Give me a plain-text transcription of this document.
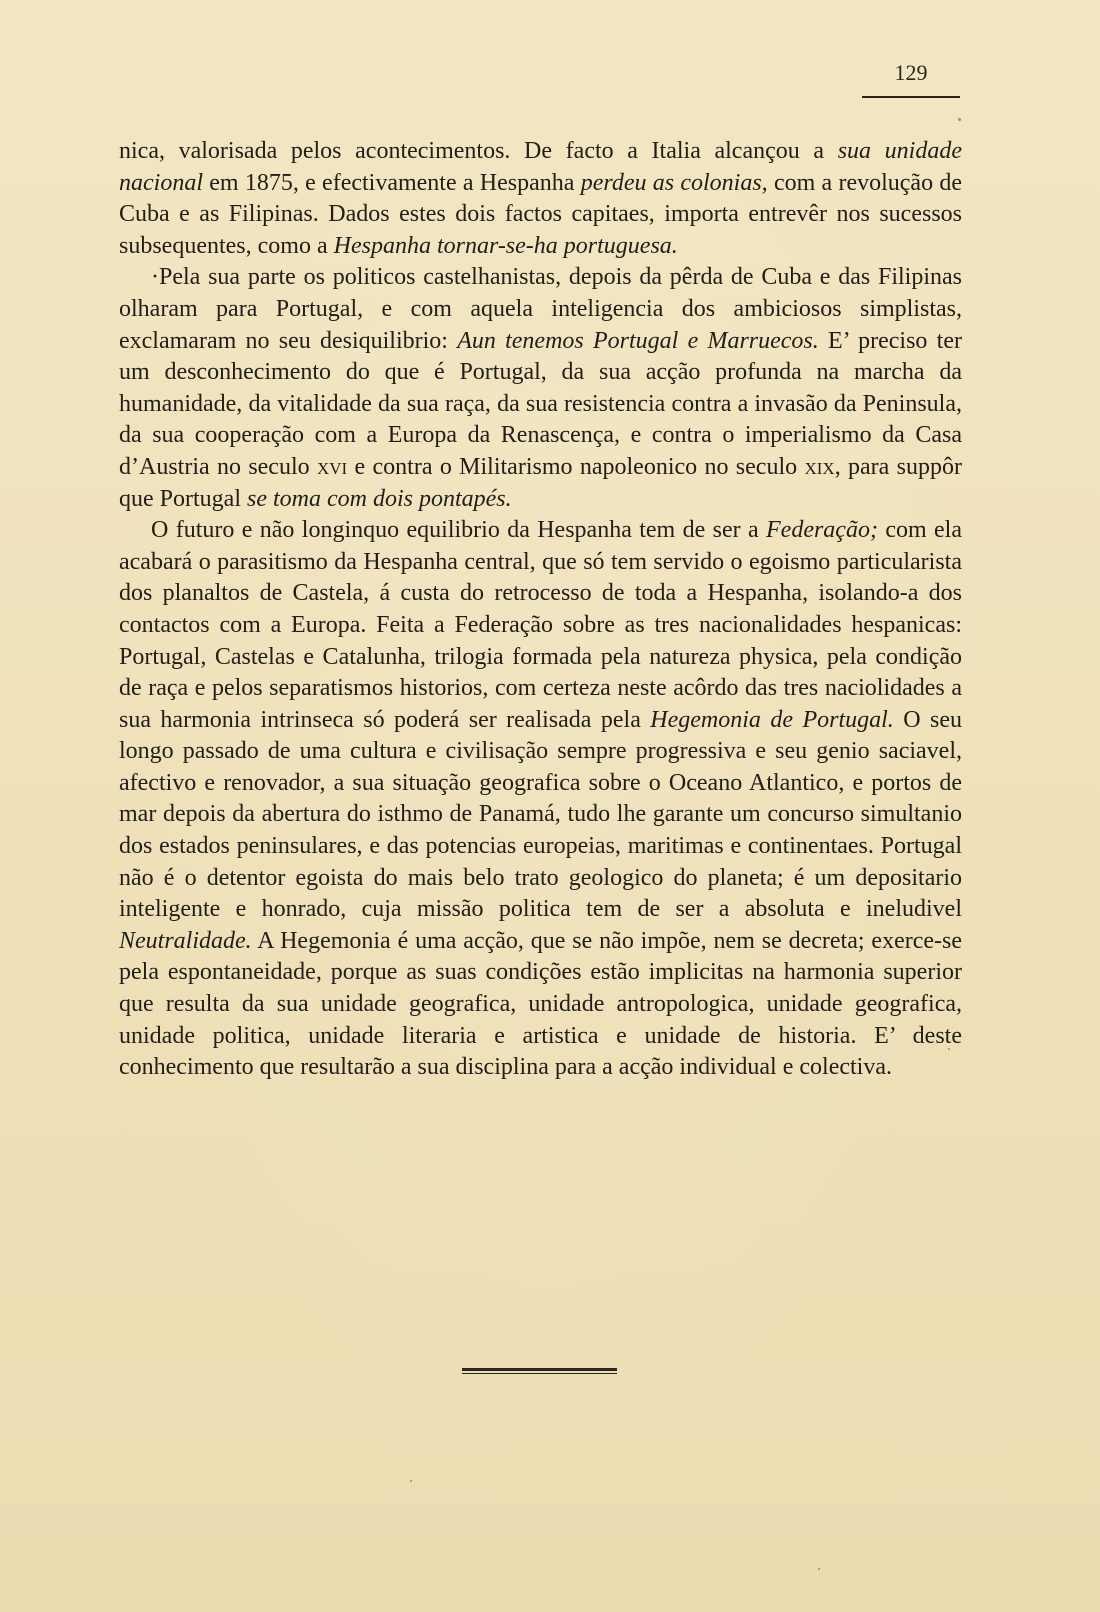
129

nica, valorisada pelos acontecimentos. De facto a Italia alcançou a sua unidade nacional em 1875, e efectivamente a Hespanha perdeu as colonias, com a revolução de Cuba e as Filipinas. Dados estes dois factos capitaes, importa entrevêr nos sucessos subsequentes, como a Hespanha tornar-se-ha portuguesa.

·Pela sua parte os politicos castelhanistas, depois da pêrda de Cuba e das Filipinas olharam para Portugal, e com aquela inteligencia dos ambiciosos simplistas, exclamaram no seu desiquilibrio: Aun tenemos Portugal e Marruecos. E’ preciso ter um desconhecimento do que é Portugal, da sua acção profunda na marcha da humanidade, da vitalidade da sua raça, da sua resistencia contra a invasão da Peninsula, da sua cooperação com a Europa da Renascença, e contra o imperialismo da Casa d’Austria no seculo xvi e contra o Militarismo napoleonico no seculo xix, para suppôr que Portugal se toma com dois pontapés.

O futuro e não longinquo equilibrio da Hespanha tem de ser a Federação; com ela acabará o parasitismo da Hespanha central, que só tem servido o egoismo particularista dos planaltos de Castela, á custa do retrocesso de toda a Hespanha, isolando-a dos contactos com a Europa. Feita a Federação sobre as tres nacionalidades hespanicas: Portugal, Castelas e Catalunha, trilogia formada pela natureza physica, pela condição de raça e pelos separatismos historios, com certeza neste acôrdo das tres naciolidades a sua harmonia intrinseca só poderá ser realisada pela Hegemonia de Portugal. O seu longo passado de uma cultura e civilisação sempre progressiva e seu genio saciavel, afectivo e renovador, a sua situação geografica sobre o Oceano Atlantico, e portos de mar depois da abertura do isthmo de Panamá, tudo lhe garante um concurso simultanio dos estados peninsulares, e das potencias europeias, maritimas e continentaes. Portugal não é o detentor egoista do mais belo trato geologico do planeta; é um depositario inteligente e honrado, cuja missão politica tem de ser a absoluta e ineludivel Neutralidade. A Hegemonia é uma acção, que se não impõe, nem se decreta; exerce-se pela espontaneidade, porque as suas condições estão implicitas na harmonia superior que resulta da sua unidade geografica, unidade antropologica, unidade geografica, unidade politica, unidade literaria e artistica e unidade de historia. E’ deste conhecimento que resultarão a sua disciplina para a acção individual e colectiva.
